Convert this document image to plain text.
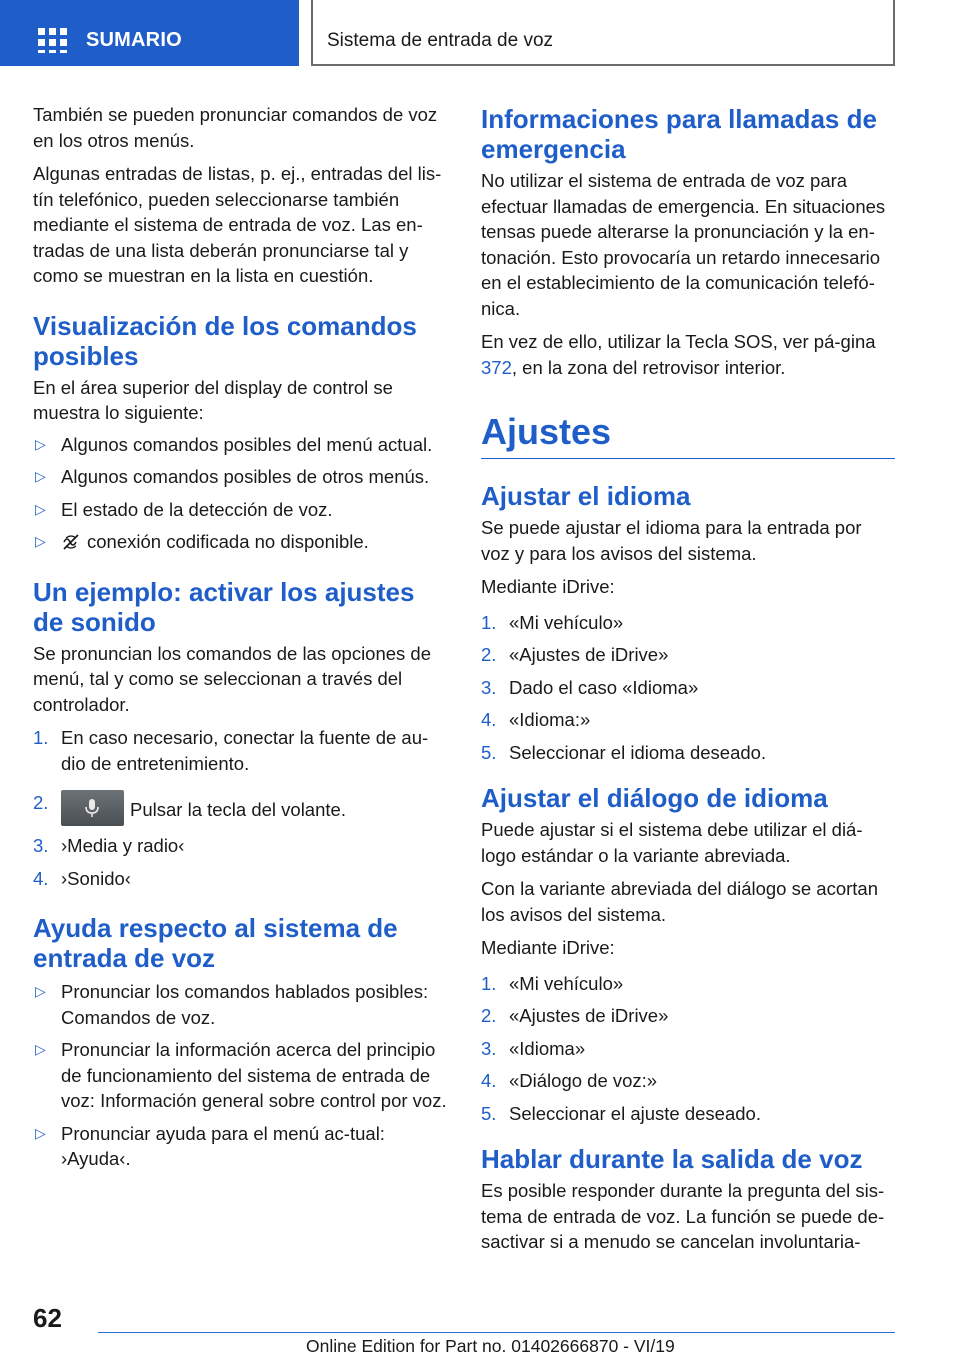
SUMARIO	Sistema de entrada de voz

También se pueden pronunciar comandos de voz en los otros menús.

Algunas entradas de listas, p. ej., entradas del lis‐tín telefónico, pueden seleccionarse también mediante el sistema de entrada de voz. Las en‐tradas de una lista deberán pronunciarse tal y como se muestran en la lista en cuestión.

Visualización de los comandos posibles

En el área superior del display de control se muestra lo siguiente:

▷ Algunos comandos posibles del menú actual.
▷ Algunos comandos posibles de otros menús.
▷ El estado de la detección de voz.
▷ conexión codificada no disponible.
Un ejemplo: activar los ajustes de sonido

Se pronuncian los comandos de las opciones de menú, tal y como se seleccionan a través del controlador.

1. En caso necesario, conectar la fuente de au‐dio de entretenimiento.
2.	Pulsar la tecla del volante.
3. ›Media y radio‹
4. ›Sonido‹
Ayuda respecto al sistema de entrada de voz
▷ Pronunciar los comandos hablados posibles: Comandos de voz.
▷ Pronunciar la información acerca del principio de funcionamiento del sistema de entrada de voz: Información general sobre control por voz.
▷ Pronunciar ayuda para el menú ac‐tual: ›Ayuda‹.
Informaciones para llamadas de emergencia

No utilizar el sistema de entrada de voz para efectuar llamadas de emergencia. En situaciones tensas puede alterarse la pronunciación y la en‐tonación. Esto provocaría un retardo innecesario en el establecimiento de la comunicación telefó‐nica.

En vez de ello, utilizar la Tecla SOS, ver pá‐gina 372, en la zona del retrovisor interior.

Ajustes
Ajustar el idioma

Se puede ajustar el idioma para la entrada por voz y para los avisos del sistema.

Mediante iDrive:

1. «Mi vehículo»
2. «Ajustes de iDrive»
3. Dado el caso «Idioma»
4. «Idioma:»
5. Seleccionar el idioma deseado.
Ajustar el diálogo de idioma

Puede ajustar si el sistema debe utilizar el diá‐logo estándar o la variante abreviada.

Con la variante abreviada del diálogo se acortan los avisos del sistema.

Mediante iDrive:

1. «Mi vehículo»
2. «Ajustes de iDrive»
3. «Idioma»
4. «Diálogo de voz:»
5. Seleccionar el ajuste deseado.
Hablar durante la salida de voz

Es posible responder durante la pregunta del sis‐tema de entrada de voz. La función se puede de‐sactivar si a menudo se cancelan involuntaria‐

62
Online Edition for Part no. 01402666870 - VI/19
